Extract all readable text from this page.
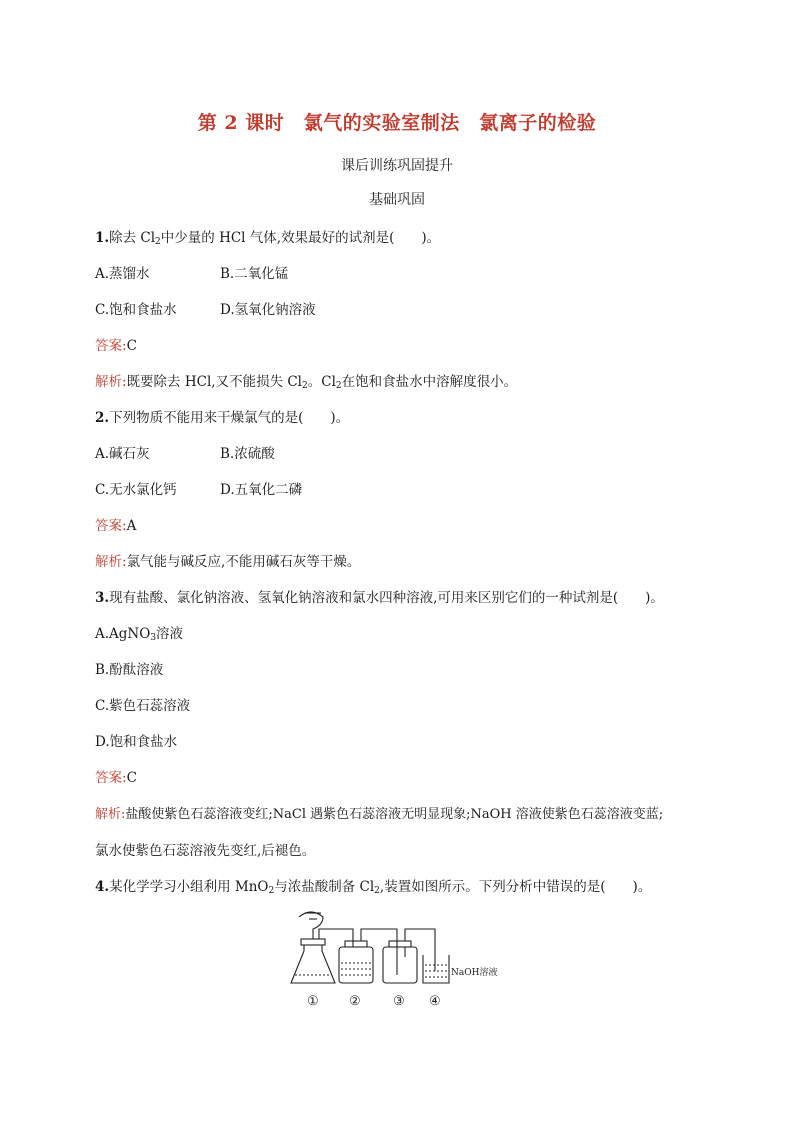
第 2 课时　氯气的实验室制法　氯离子的检验
课后训练巩固提升
基础巩固
1.除去 $Cl_2$中少量的 HCl 气体,效果最好的试剂是(　　)。
A.蒸馏水	B.二氧化锰
C.饱和食盐水	D.氢氧化钠溶液
答案:C
解析:既要除去 HCl,又不能损失 $Cl_2$。$Cl_2$在饱和食盐水中溶解度很小。
2.下列物质不能用来干燥氯气的是(　　)。
A.碱石灰	B.浓硫酸
C.无水氯化钙	D.五氧化二磷
答案:A
解析:氯气能与碱反应,不能用碱石灰等干燥。
3.现有盐酸、氯化钠溶液、氢氧化钠溶液和氯水四种溶液,可用来区别它们的一种试剂是(　　)。
A.AgNO$_3$溶液
B.酚酞溶液
C.紫色石蕊溶液
D.饱和食盐水
答案:C
解析:盐酸使紫色石蕊溶液变红;NaCl 遇紫色石蕊溶液无明显现象;NaOH 溶液使紫色石蕊溶液变蓝;
氯水使紫色石蕊溶液先变红,后褪色。
4.某化学学习小组利用 MnO$_2$与浓盐酸制备 $Cl_2$,装置如图所示。下列分析中错误的是(　　)。
NaOH溶液
① ② ③ ④
